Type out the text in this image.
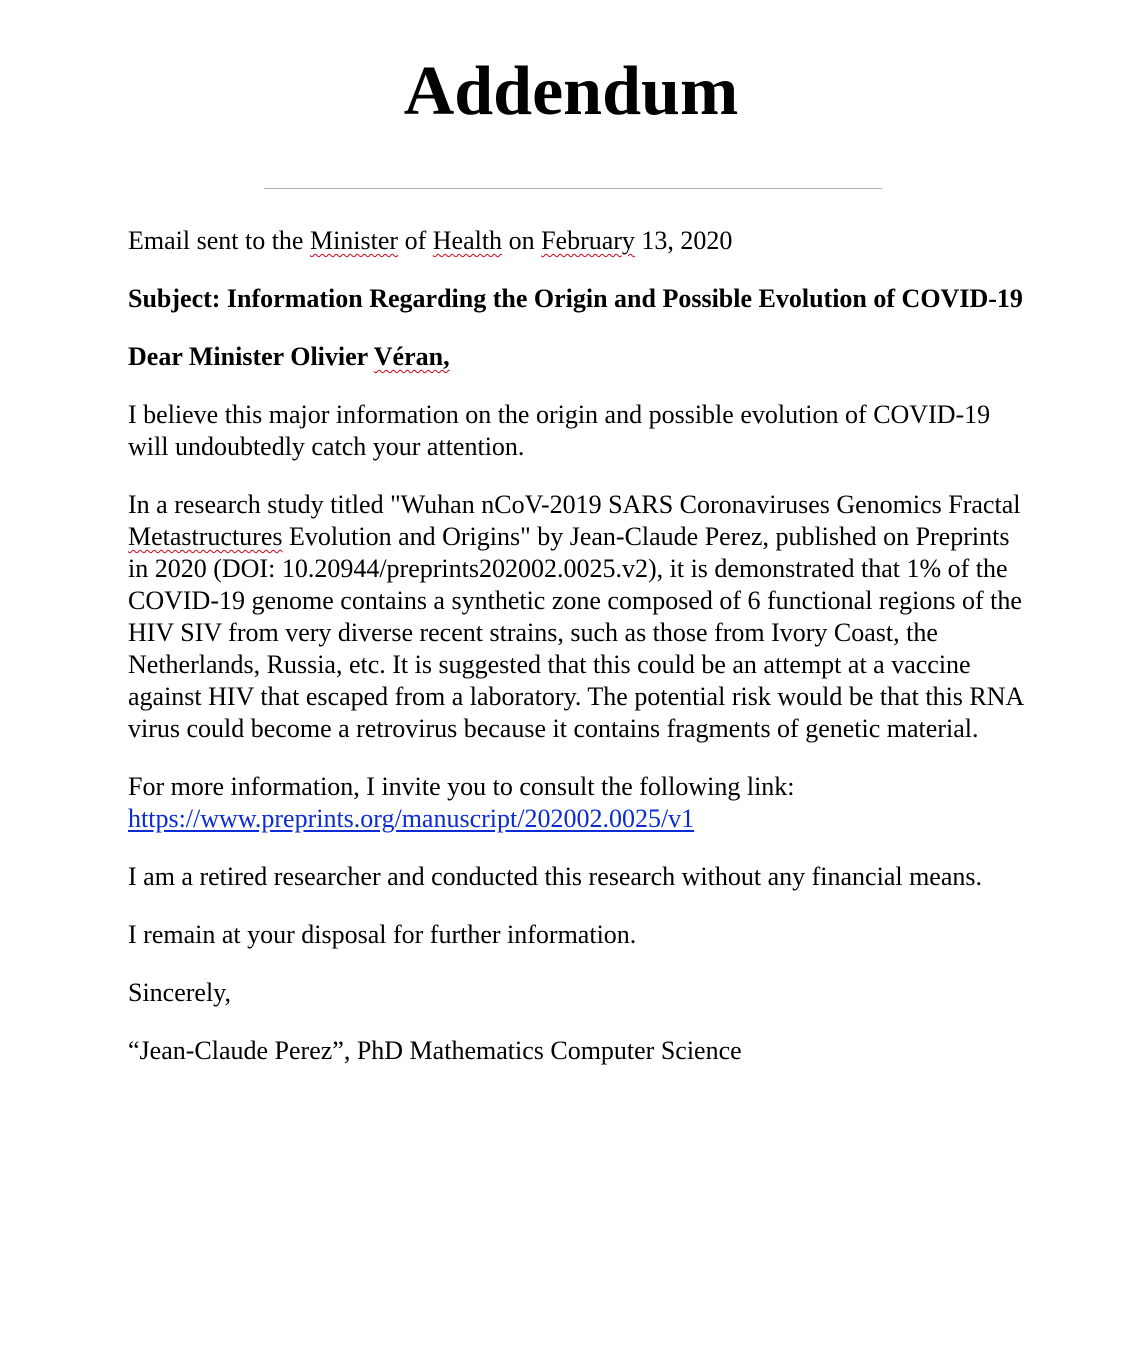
Addendum

Email sent to the Minister of Health on February 13, 2020

Subject: Information Regarding the Origin and Possible Evolution of COVID-19

Dear Minister Olivier Véran,

I believe this major information on the origin and possible evolution of COVID-19 will undoubtedly catch your attention.

In a research study titled "Wuhan nCoV-2019 SARS Coronaviruses Genomics Fractal Metastructures Evolution and Origins" by Jean-Claude Perez, published on Preprints in 2020 (DOI: 10.20944/preprints202002.0025.v2), it is demonstrated that 1% of the COVID-19 genome contains a synthetic zone composed of 6 functional regions of the HIV SIV from very diverse recent strains, such as those from Ivory Coast, the Netherlands, Russia, etc. It is suggested that this could be an attempt at a vaccine against HIV that escaped from a laboratory. The potential risk would be that this RNA virus could become a retrovirus because it contains fragments of genetic material.

For more information, I invite you to consult the following link:
https://www.preprints.org/manuscript/202002.0025/v1

I am a retired researcher and conducted this research without any financial means.

I remain at your disposal for further information.

Sincerely,

“Jean-Claude Perez”, PhD Mathematics Computer Science
